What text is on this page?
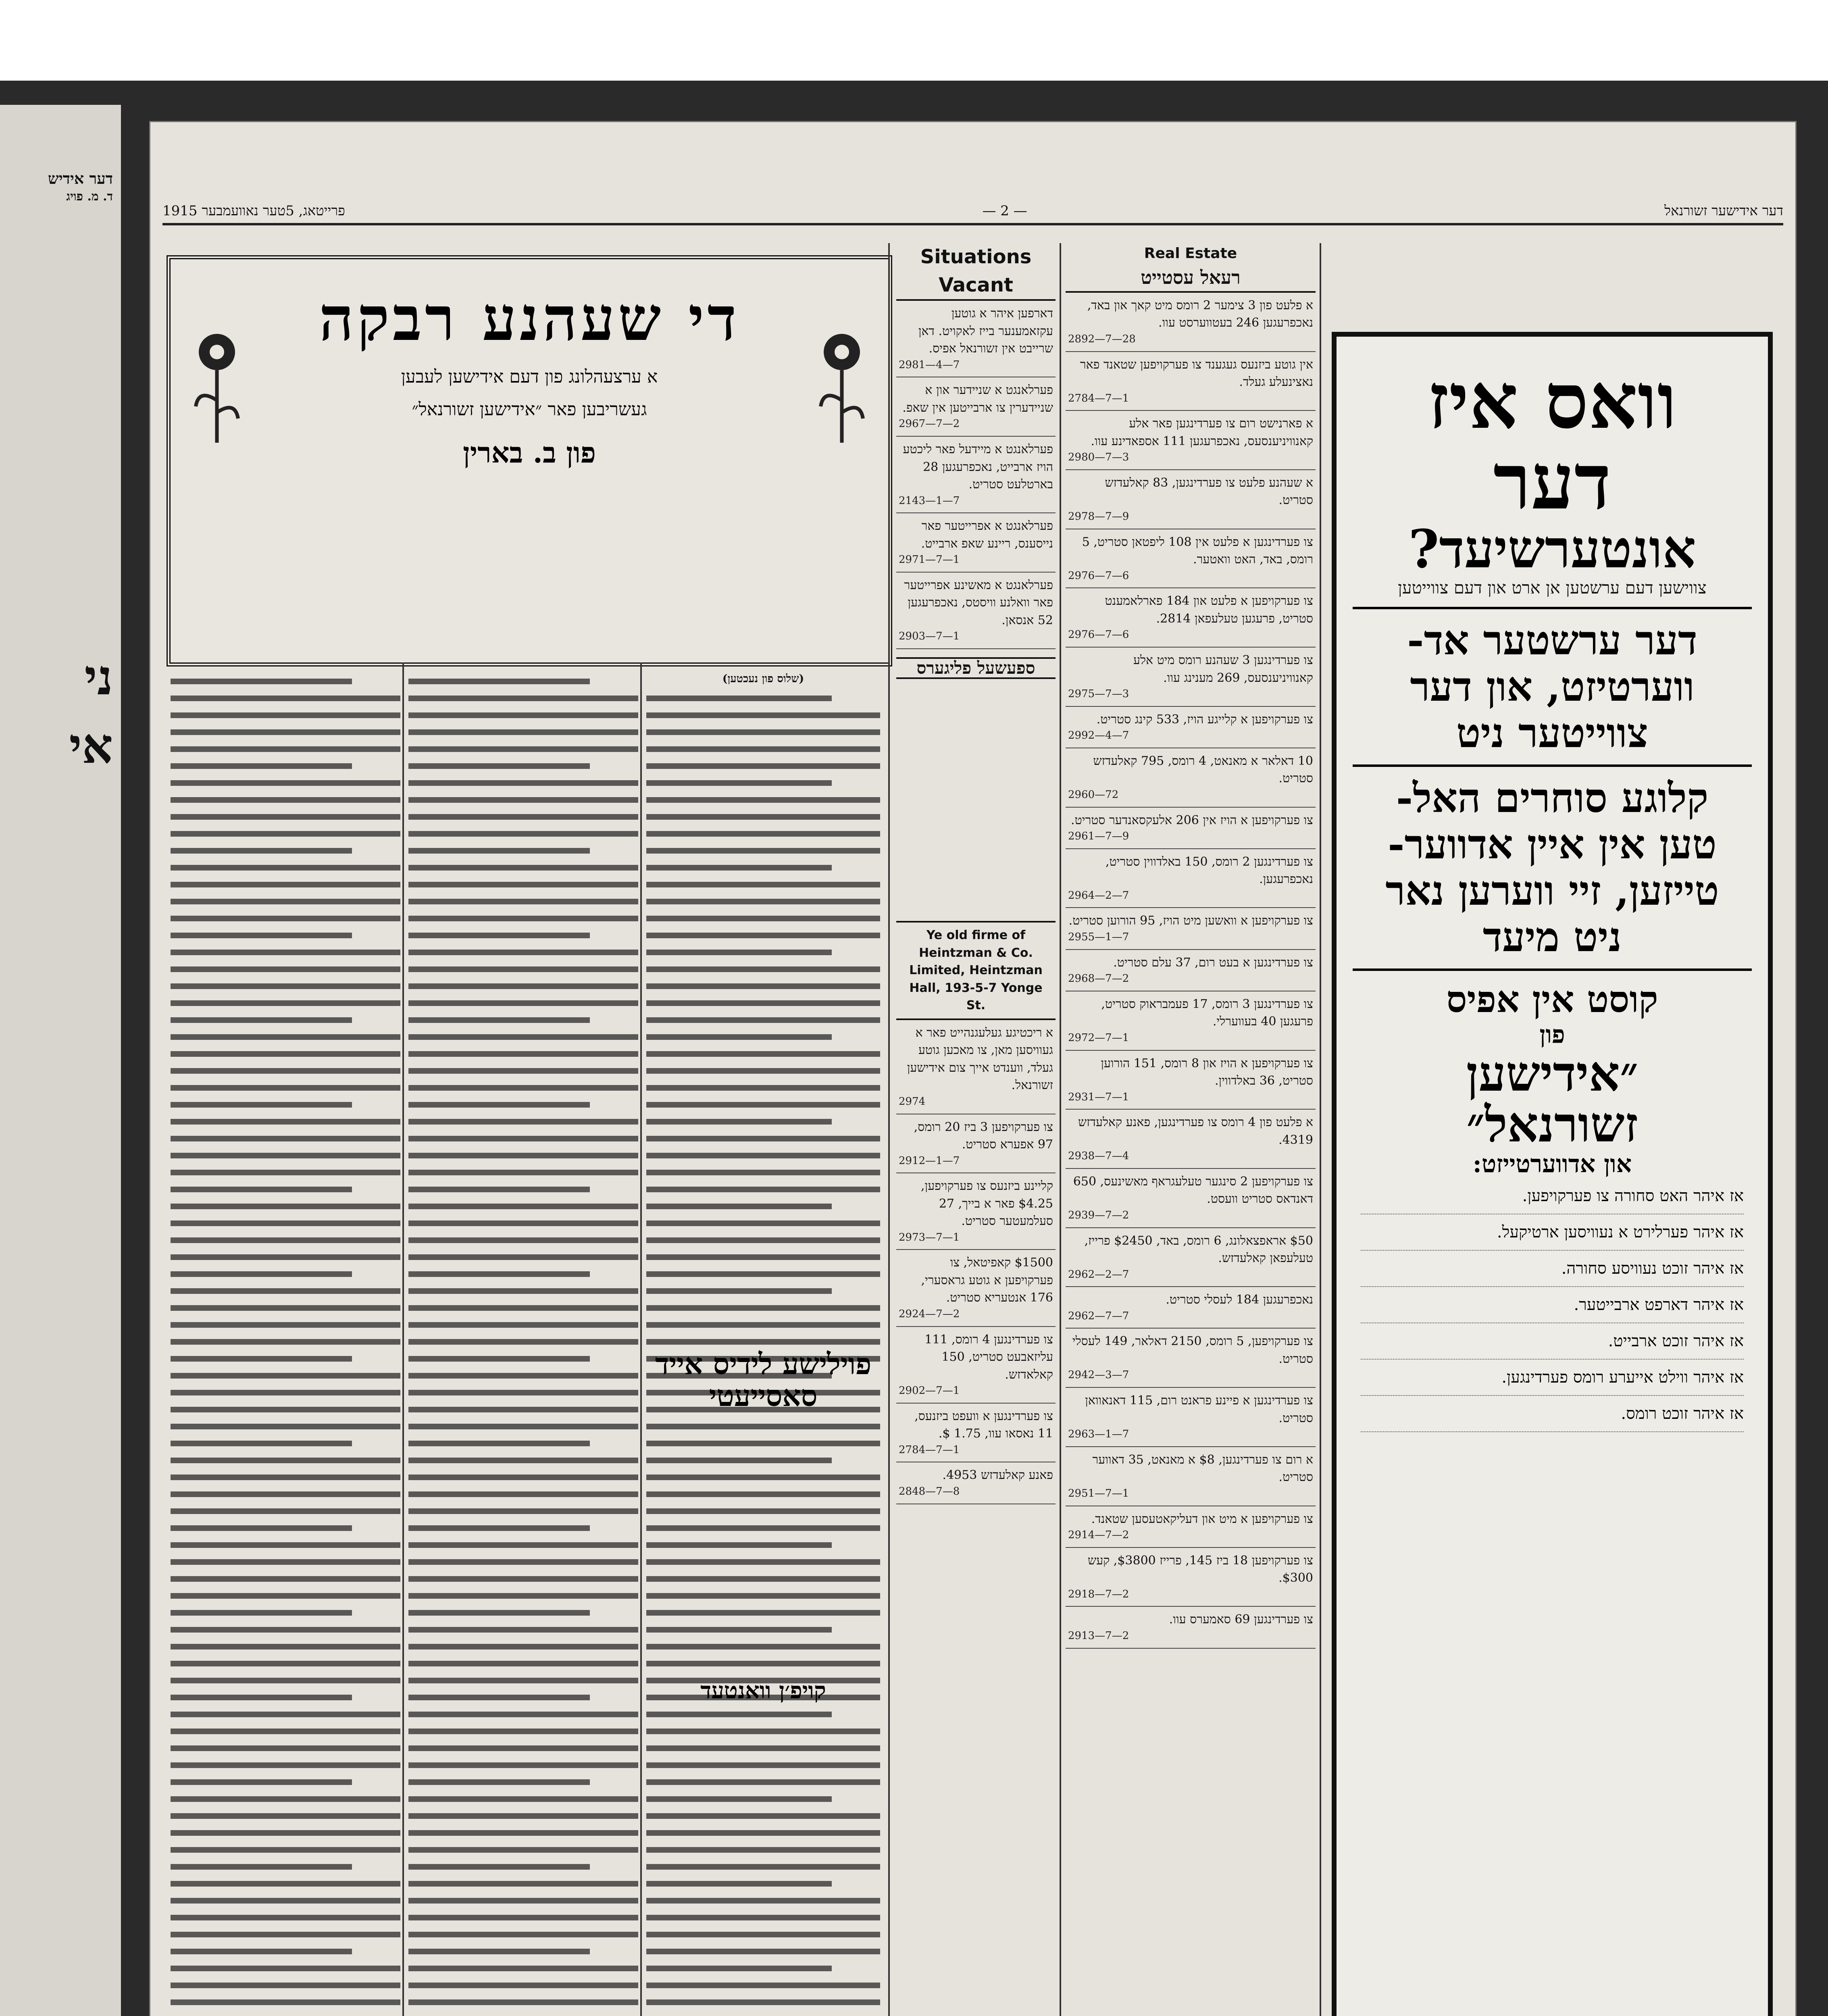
דער אידיש
ד. מ. פויג
ני
אי
פרייטאג, 5טער נאוועמבער 1915	— 2 —	דער אידישער זשורנאל
די שעהנע רבקה
א ערצעהלונג פון דעם אידישען לעבען
געשריבען פאר ״אידישען זשורנאל״
פון ב. בארין
(שלוס פון נעכטען)
פוילישע לידיס אייד סאסייעטי
קויפ׳ן וואנטעד
Situations Vacant
דארפען איהר א גוטען עקזאמענער בייז לאקויט. דאן שרייבט אין זשורנאל אפיס.
2981—4—7
פערלאנגט א שניידער און א שניידערין צו ארבייטען אין שאפ.
2967—7—2
פערלאנגט א מיידעל פאר ליכטע הויז ארבייט, נאכפרעגען 28 בארטלעט סטריט.
2143—1—7
פערלאנגט א אפרייטער פאר נייסענס, ריינע שאפ ארבייט.
2971—7—1
פערלאנגט א מאשינע אפרייטער פאר וואלנע וויסטס, נאכפרעגען 52 אנסאן.
2903—7—1
ספעשעל פליגערס
Ye old firme of Heintzman & Co. Limited, Heintzman Hall, 193-5-7 Yonge St.
א ריכטיגע געלעגנהייט פאר א געוויסען מאן, צו מאכען גוטע געלד, ווענדט אייך צום אידישען זשורנאל.
2974
צו פערקויפען 3 ביז 20 רומס, 97 אפערא סטריט.
2912—1—7
קליינע ביזנעס צו פערקויפען, $4.25 פאר א בייך, 27 סעלמעטער סטריט.
2973—7—1
$1500 קאפיטאל, צו פערקויפען א גוטע גראסערי, 176 אנטעריא סטריט.
2924—7—2
צו פערדינגען 4 רומס, 111 עליזאבעט סטריט, 150 קאלאדזש.
2902—7—1
צו פערדינגען א וועפט ביזנעס, 11 נאסאו עוו, 1.75 $.
2784—7—1
פאנע קאלעדזש 4953.
2848—7—8
Real Estate
רעאל עסטייט
א פלעט פון 3 צימער 2 רומס מיט קאך און באד, נאכפרעגען 246 בעטווערסט עוו.
2892—7—28
אין גוטע ביזנעס געגענד צו פערקויפען שטאנד פאר נאצינעלע געלד.
2784—7—1
א פארנישט רום צו פערדינגען פאר אלע קאנוויניענסעס, נאכפרעגען 111 אספאדינע עוו.
2980—7—3
א שעהנע פלעט צו פערדינגען, 83 קאלעדזש סטריט.
2978—7—9
צו פערדינגען א פלעט אין 108 ליפטאן סטריט, 5 רומס, באד, האט וואטער.
2976—7—6
צו פערקויפען א פלעט און 184 פארלאמענט סטריט, פרעגען טעלעפאן 2814.
2976—7—6
צו פערדינגען 3 שעהנע רומס מיט אלע קאנוויניענסעס, 269 מענינג עוו.
2975—7—3
צו פערקויפען א קלייגע הויז, 533 קינג סטריט.
2992—4—7
10 דאלאר א מאנאט, 4 רומס, 795 קאלעדזש סטריט.
2960—72
צו פערקויפען א הויז אין 206 אלעקסאנדער סטריט.
2961—7—9
צו פערדינגען 2 רומס, 150 באלדווין סטריט, נאכפרעגען.
2964—2—7
צו פערקויפען א וואשען מיט הויז, 95 הורוען סטריט.
2955—1—7
צו פערדינגען א בעט רום, 37 עלם סטריט.
2968—7—2
צו פערדינגען 3 רומס, 17 פעמבראוק סטריט, פרעגען 40 בעווערלי.
2972—7—1
צו פערקויפען א הויז און 8 רומס, 151 הורוען סטריט, 36 באלדווין.
2931—7—1
א פלעט פון 4 רומס צו פערדינגען, פאנע קאלעדזש 4319.
2938—7—4
צו פערקויפען 2 סינגער טעלעגראף מאשינעס, 650 דאנדאס סטריט וועסט.
2939—7—2
$50 אראפצאלונג, 6 רומס, באד, $2450 פרייז, טעלעפאן קאלעדזש.
2962—2—7
נאכפרעגען 184 לעסלי סטריט.
2962—7—7
צו פערקויפען, 5 רומס, 2150 דאלאר, 149 לעסלי סטריט.
2942—3—7
צו פערדינגען א פיינע פראנט רום, 115 דאנאוואן סטריט.
2963—1—7
א רום צו פערדינגען, $8 א מאנאט, 35 דאווער סטריט.
2951—7—1
צו פערקויפען א מיט און דעליקאטעסען שטאנד.
2914—7—2
צו פערקויפען 18 ביז 145, פרייז $3800, קעש $300.
2918—7—2
צו פערדינגען 69 סאמערס עוו.
2913—7—2
וואס איז
דער
אונטערשיעד?
צווישען דעם ערשטען אן ארט און דעם צווייטען
דער ערשטער אד-
ווערטיזט, און דער
צווייטער ניט
קלוגע סוחרים האל-
טען אין איין אדווער-
טייזען, זיי ווערען נאר
ניט מיעד
קוסט אין אפיס
פון
״אידישען
זשורנאל״
און אדווערטייזט:
אז איהר האט סחורה צו פערקויפען.
אז איהר פערלירט א נעוויסען ארטיקעל.
אז איהר זוכט נעוויסע סחורה.
אז איהר דארפט ארבייטער.
אז איהר זוכט ארבייט.
אז איהר ווילט אייערע רומס פערדינגען.
אז איהר זוכט רומס.
